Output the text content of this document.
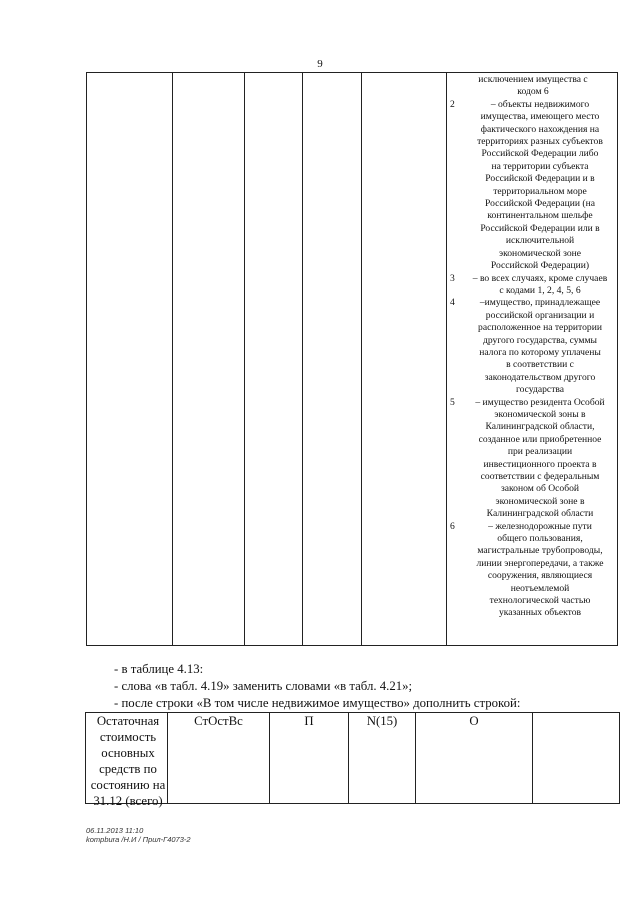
9
исключением имущества с
кодом 6
2	– объекты недвижимого
имущества, имеющего место
фактического нахождения на
территориях разных субъектов
Российской Федерации либо
на территории субъекта
Российской Федерации и в
территориальном море
Российской Федерации (на
континентальном шельфе
Российской Федерации или в
исключительной
экономической зоне
Российской Федерации)
3	– во всех случаях, кроме случаев
с кодами 1, 2, 4, 5, 6
4	–имущество, принадлежащее
российской организации и
расположенное на территории
другого государства, суммы
налога по которому уплачены
в соответствии с
законодательством другого
государства
5	– имущество резидента Особой
экономической зоны в
Калининградской области,
созданное или приобретенное
при реализации
инвестиционного проекта в
соответствии с федеральным
законом об Особой
экономической зоне в
Калининградской области
6	– железнодорожные пути
общего пользования,
магистральные трубопроводы,
линии энергопередачи, а также
сооружения, являющиеся
неотъемлемой
технологической частью
указанных объектов
- в таблице 4.13:
- слова «в табл. 4.19» заменить словами «в табл. 4.21»;
- после строки «В том числе недвижимое имущество» дополнить строкой:
Остаточная
стоимость
основных
средств по
состоянию на
31.12 (всего)
СтОстВс	П	N(15)	О
06.11.2013 11:10
kompbura /Н.И / Прил-Г4073-2
